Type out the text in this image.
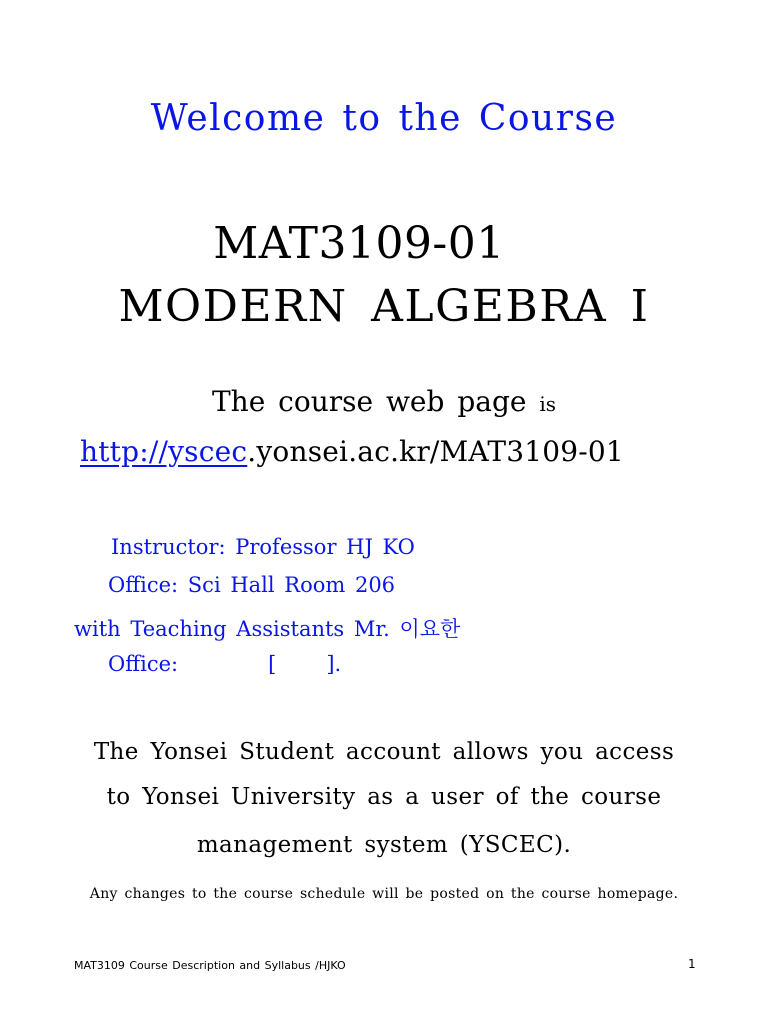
Welcome to the Course
MAT3109-01
MODERN ALGEBRA I
The course web page is
http://yscec.yonsei.ac.kr/MAT3109-01
Instructor: Professor HJ KO
Office: Sci Hall Room 206
with Teaching Assistants Mr. 이요한
Office:	[ ].
The Yonsei Student account allows you access
to Yonsei University as a user of the course
management system (YSCEC).
Any changes to the course schedule will be posted on the course homepage.
MAT3109 Course Description and Syllabus /HJKO	1
